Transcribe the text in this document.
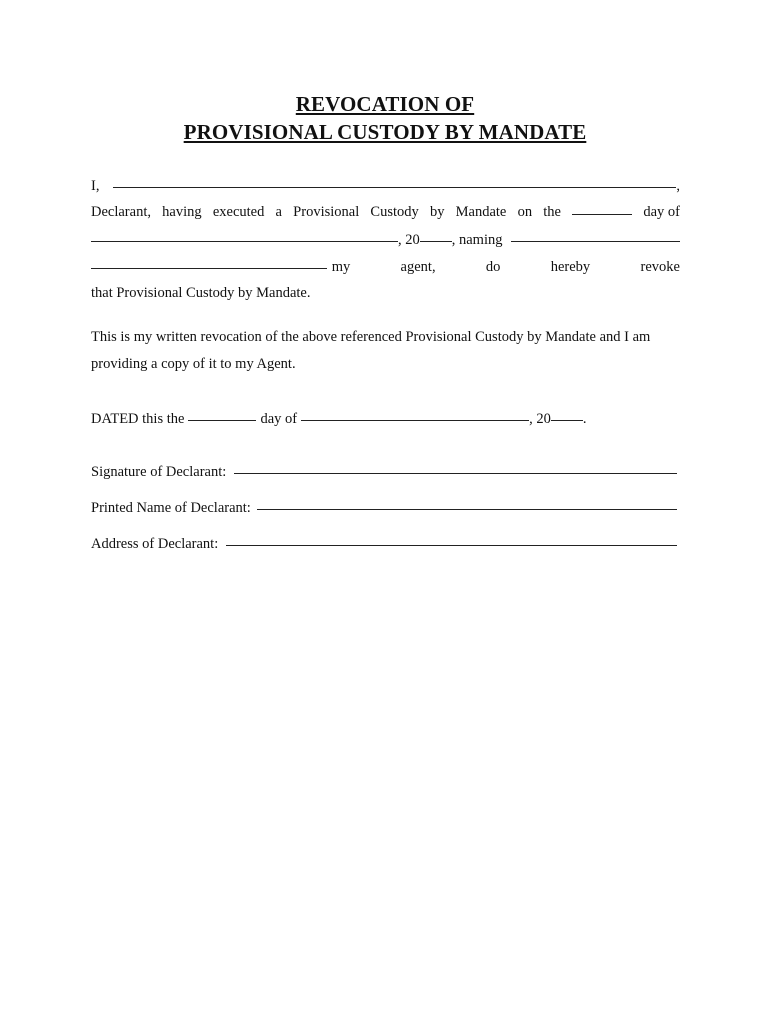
REVOCATION OF
PROVISIONAL CUSTODY BY MANDATE
I,	,
Declarant, having executed a Provisional Custody by Mandate on the	day of
, 20 , naming
my	agent,	do	hereby	revoke
that Provisional Custody by Mandate.
This is my written revocation of the above referenced Provisional Custody by Mandate and I am
providing a copy of it to my Agent.
DATED this the	day of	, 20 .
Signature of Declarant:
Printed Name of Declarant:
Address of Declarant:
